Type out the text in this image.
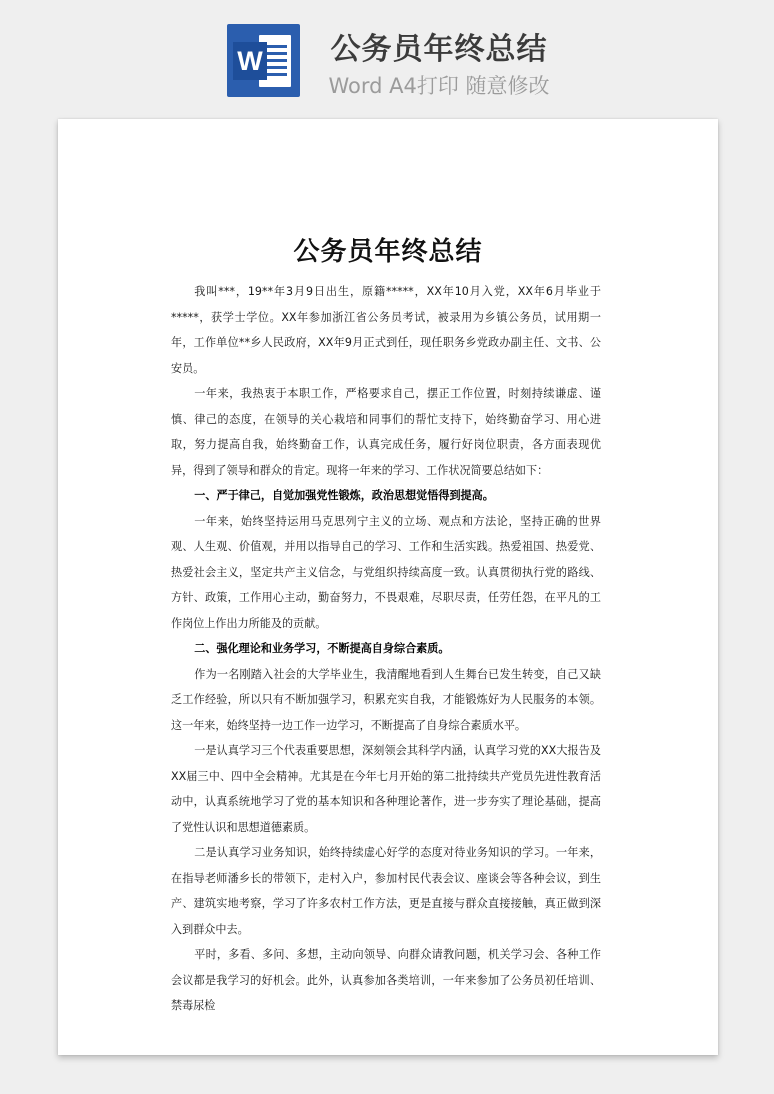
W	公务员年终总结
Word A4打印 随意修改
公务员年终总结

我叫***，19**年3月9日出生，原籍*****，XX年10月入党，XX年6月毕业于*****，获学士学位。XX年参加浙江省公务员考试，被录用为乡镇公务员，试用期一年，工作单位**乡人民政府，XX年9月正式到任，现任职务乡党政办副主任、文书、公安员。

一年来，我热衷于本职工作，严格要求自己，摆正工作位置，时刻持续谦虚、谨慎、律己的态度，在领导的关心栽培和同事们的帮忙支持下，始终勤奋学习、用心进取，努力提高自我，始终勤奋工作，认真完成任务，履行好岗位职责，各方面表现优异，得到了领导和群众的肯定。现将一年来的学习、工作状况简要总结如下：

一、严于律己，自觉加强党性锻炼，政治思想觉悟得到提高。

一年来，始终坚持运用马克思列宁主义的立场、观点和方法论，坚持正确的世界观、人生观、价值观，并用以指导自己的学习、工作和生活实践。热爱祖国、热爱党、热爱社会主义，坚定共产主义信念，与党组织持续高度一致。认真贯彻执行党的路线、方针、政策，工作用心主动，勤奋努力，不畏艰难，尽职尽责，任劳任怨，在平凡的工作岗位上作出力所能及的贡献。

二、强化理论和业务学习，不断提高自身综合素质。

作为一名刚踏入社会的大学毕业生，我清醒地看到人生舞台已发生转变，自己又缺乏工作经验，所以只有不断加强学习，积累充实自我，才能锻炼好为人民服务的本领。这一年来，始终坚持一边工作一边学习，不断提高了自身综合素质水平。

一是认真学习三个代表重要思想，深刻领会其科学内涵，认真学习党的XX大报告及XX届三中、四中全会精神。尤其是在今年七月开始的第二批持续共产党员先进性教育活动中，认真系统地学习了党的基本知识和各种理论著作，进一步夯实了理论基础，提高了党性认识和思想道德素质。

二是认真学习业务知识，始终持续虚心好学的态度对待业务知识的学习。一年来，在指导老师潘乡长的带领下，走村入户，参加村民代表会议、座谈会等各种会议，到生产、建筑实地考察，学习了许多农村工作方法，更是直接与群众直接接触，真正做到深入到群众中去。

平时，多看、多问、多想，主动向领导、向群众请教问题，机关学习会、各种工作会议都是我学习的好机会。此外，认真参加各类培训，一年来参加了公务员初任培训、禁毒尿检
